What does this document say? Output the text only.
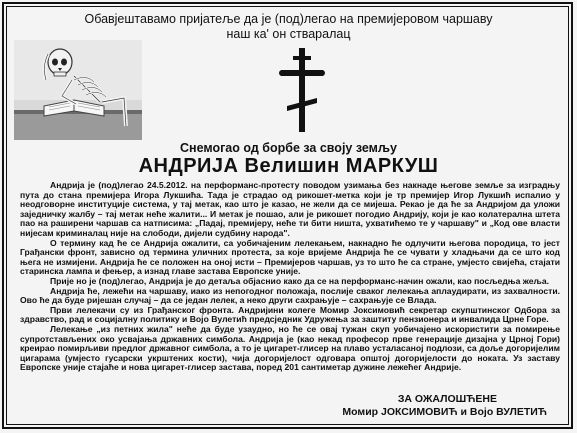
Обавјештавамо пријатеље да је (под)легао на премијеровом чаршаву
наш ка' он стваралац
Снемогао од борбе за своју земљу
АНДРИЈА Велишин МАРКУШ

Андрија је (под)легао 24.5.2012. на перформанс-протесту поводом узимања без накнаде његове земље за изградњу пута до стана премијера Игора Лукшића. Тада је страдао од рикошет-метка који је тр премијер Игор Лукшић испалио у неодговорне институције система, у тај метак, као што је казао, не жели да се мијеша. Рекао је да ће за Андријом да уложи заједничку жалбу – тај метак неће жалити... И метак је пошао, али је рикошет погодио Андрију, који је као колатерална штета пао на раширени чаршав са натписима: „Падај, премијеру, неће ти бити ништа, ухватићемо те у чаршаву" и „Код ове власти нијесам криминалац није на слободи, дијели судбину народа".

О термину кад ће се Андрија ожалити, са уобичајеним лелекањем, накнадно ће одлучити његова породица, то јест Грађански фронт, зависно од термина уличних протеста, за које вријеме Андрија ће се чувати у хладњачи да се што код њега не измијени. Андрија ће се положен на оној исти – Премијеров чаршав, уз то што ће са стране, умјесто свијећа, стајати старинска лампа и фењер, а изнад главе застава Европске уније.

Прије но је (под)легао, Андрија је до детаља објаснио како да се на перформанс-начин ожали, као посљедња жеља.

Андрија ће, лежећи на чаршаву, иако из непогодног положаја, послије сваког лелекања аплаудирати, из захвалности. Ово ће да буде ријешан случај – да се један лелек, а неко други сахрањује – сахрањује се Влада.

Први лелекачи су из Грађанског фронта. Андријини колеге Момир Јоксимовић секретар скупштинског Одбора за здравство, рад и социјалну политику и Војо Вулетић предсједник Удружења за заштиту пензионера и инвалида Црне Горе.

Лелекање „из петних жила" неће да буде узаудно, но ће се овај тужан скуп уобичајено искористити за помирење супротстављених око усвајања државних симбола. Андрија је (као некад професор прве генерације дизајна у Црној Гори) креирао помирљиви предлог државног симбола, а то је цигарет-глисер на плаво усталасаној подлози, са доље догоријелим цигарама (умјесто гусарски укрштених кости), чија догоријелост одговара општој догоријелости до нокатa. Уз заставу Европске уније стајаће и нова цигарет-глисер застава, поред 201 сантиметар дужине лежећег Андрије.

ЗА ОЖАЛОШЋЕНЕ
Момир ЈОКСИМОВИЋ и Војо ВУЛЕТИЋ
